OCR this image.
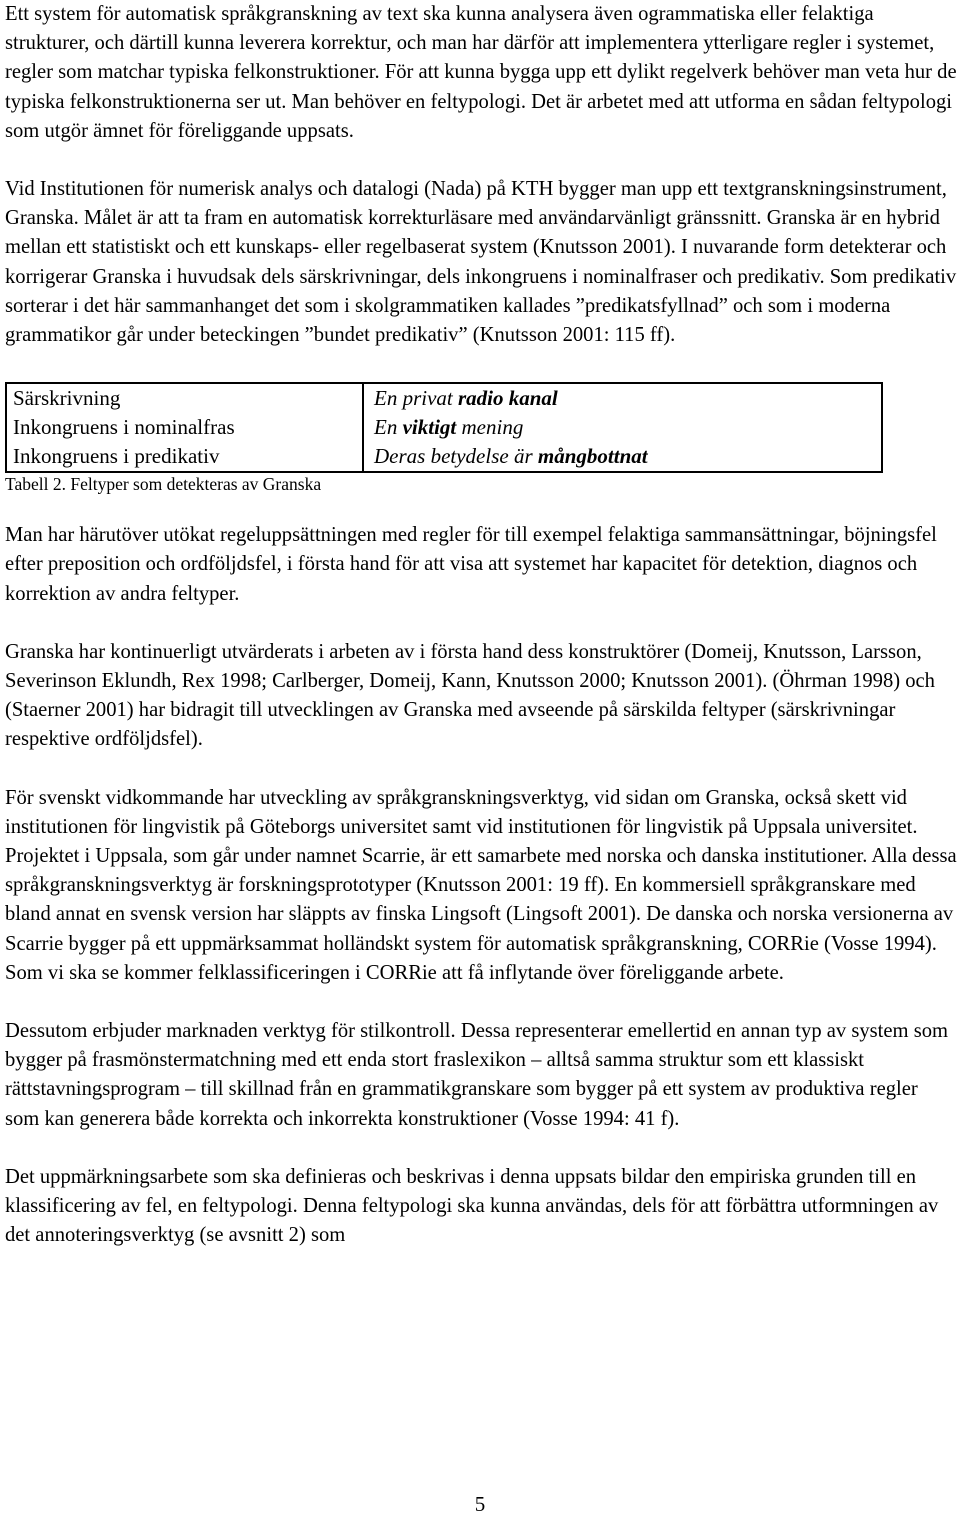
Ett system för automatisk språkgranskning av text ska kunna analysera även ogrammatiska eller felaktiga strukturer, och därtill kunna leverera korrektur, och man har därför att implementera ytterligare regler i systemet, regler som matchar typiska felkonstruktioner. För att kunna bygga upp ett dylikt regelverk behöver man veta hur de typiska felkonstruktionerna ser ut. Man behöver en feltypologi. Det är arbetet med att utforma en sådan feltypologi som utgör ämnet för föreliggande uppsats.

Vid Institutionen för numerisk analys och datalogi (Nada) på KTH bygger man upp ett textgranskningsinstrument, Granska. Målet är att ta fram en automatisk korrekturläsare med användarvänligt gränssnitt. Granska är en hybrid mellan ett statistiskt och ett kunskaps- eller regelbaserat system (Knutsson 2001). I nuvarande form detekterar och korrigerar Granska i huvudsak dels särskrivningar, dels inkongruens i nominalfraser och predikativ. Som predikativ sorterar i det här sammanhanget det som i skolgrammatiken kallades ”predikatsfyllnad” och som i moderna grammatikor går under beteckingen ”bundet predikativ” (Knutsson 2001: 115 ff).

Särskrivning	En privat radio kanal
Inkongruens i nominalfras	En viktigt mening
Inkongruens i predikativ	Deras betydelse är mångbottnat

Tabell 2. Feltyper som detekteras av Granska

Man har härutöver utökat regeluppsättningen med regler för till exempel felaktiga sammansättningar, böjningsfel efter preposition och ordföljdsfel, i första hand för att visa att systemet har kapacitet för detektion, diagnos och korrektion av andra feltyper.

Granska har kontinuerligt utvärderats i arbeten av i första hand dess konstruktörer (Domeij, Knutsson, Larsson, Severinson Eklundh, Rex 1998; Carlberger, Domeij, Kann, Knutsson 2000; Knutsson 2001). (Öhrman 1998) och (Staerner 2001) har bidragit till utvecklingen av Granska med avseende på särskilda feltyper (särskrivningar respektive ordföljdsfel).

För svenskt vidkommande har utveckling av språkgranskningsverktyg, vid sidan om Granska, också skett vid institutionen för lingvistik på Göteborgs universitet samt vid institutionen för lingvistik på Uppsala universitet. Projektet i Uppsala, som går under namnet Scarrie, är ett samarbete med norska och danska institutioner. Alla dessa språkgranskningsverktyg är forskningsprototyper (Knutsson 2001: 19 ff). En kommersiell språkgranskare med bland annat en svensk version har släppts av finska Lingsoft (Lingsoft 2001). De danska och norska versionerna av Scarrie bygger på ett uppmärksammat holländskt system för automatisk språkgranskning, CORRie (Vosse 1994). Som vi ska se kommer felklassificeringen i CORRie att få inflytande över föreliggande arbete.

Dessutom erbjuder marknaden verktyg för stilkontroll. Dessa representerar emellertid en annan typ av system som bygger på frasmönstermatchning med ett enda stort fraslexikon – alltså samma struktur som ett klassiskt rättstavningsprogram – till skillnad från en grammatikgranskare som bygger på ett system av produktiva regler som kan generera både korrekta och inkorrekta konstruktioner (Vosse 1994: 41 f).

Det uppmärkningsarbete som ska definieras och beskrivas i denna uppsats bildar den empiriska grunden till en klassificering av fel, en feltypologi. Denna feltypologi ska kunna användas, dels för att förbättra utformningen av det annoteringsverktyg (se avsnitt 2) som

5
